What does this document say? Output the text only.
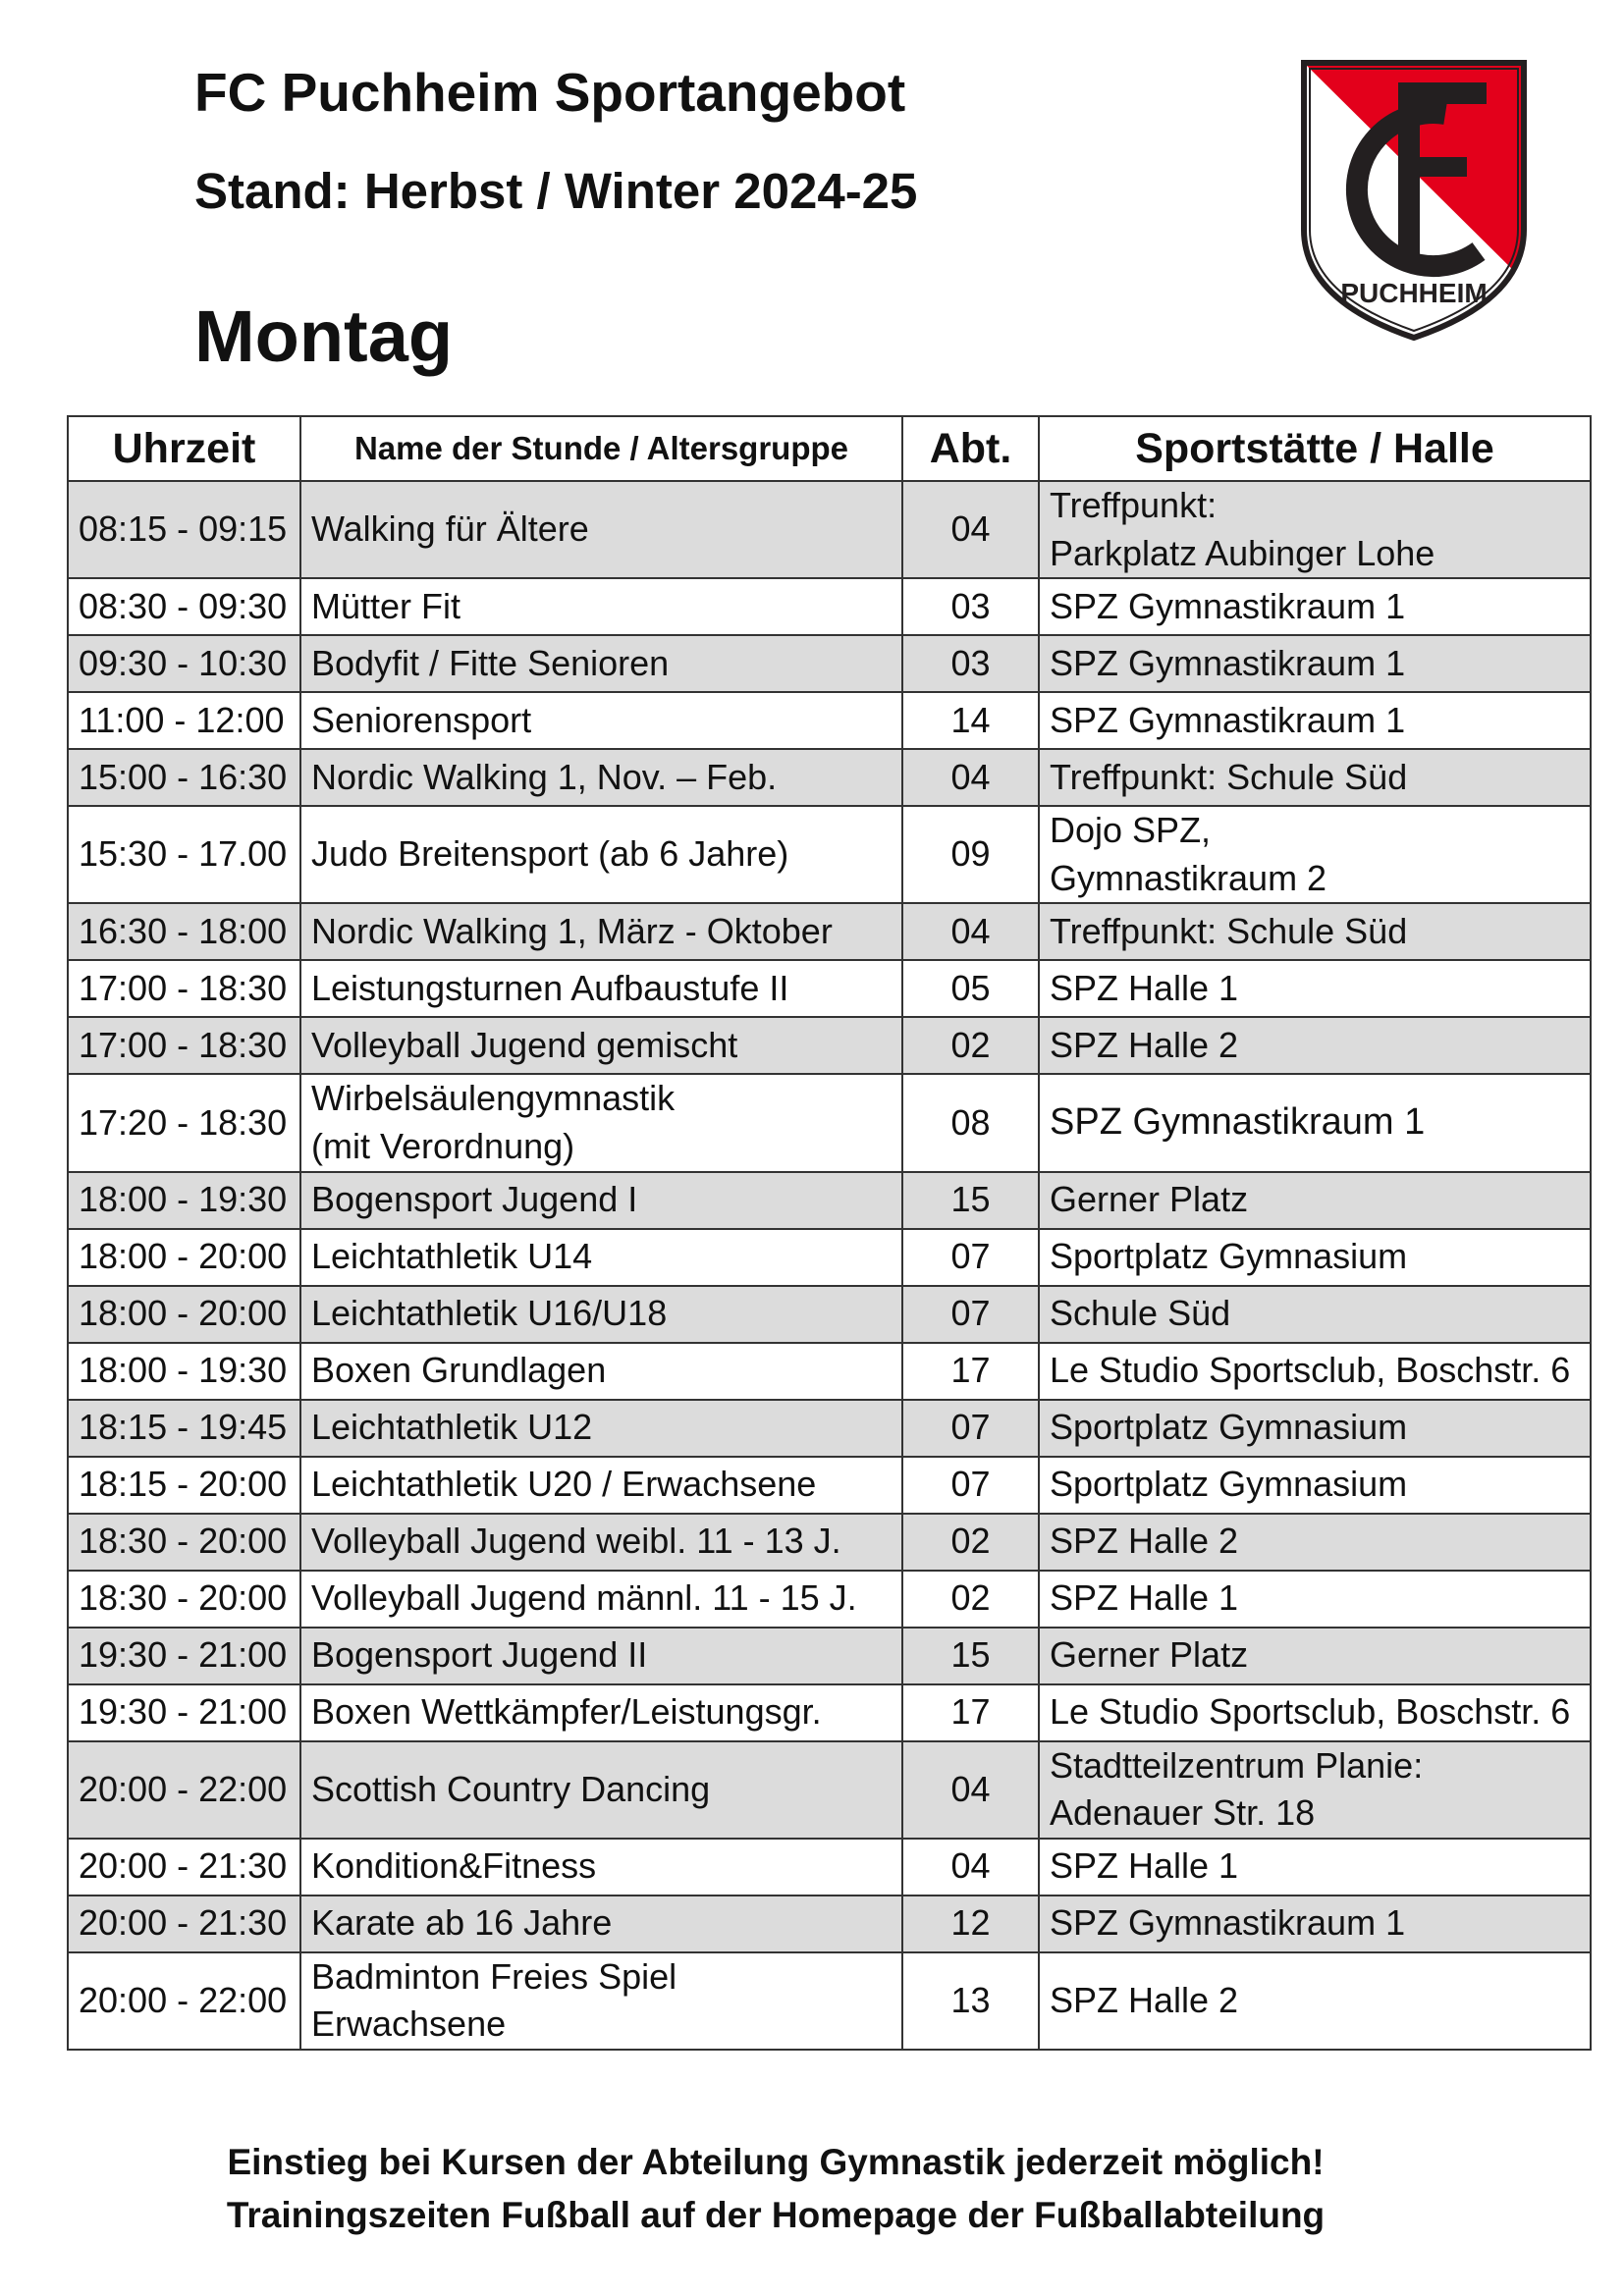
FC Puchheim Sportangebot
Stand: Herbst / Winter 2024-25
Montag
PUCHHEIM
Uhrzeit	Name der Stunde / Altersgruppe	Abt.	Sportstätte / Halle
08:15 - 09:15	Walking für Ältere	04	Treffpunkt:
Parkplatz Aubinger Lohe

08:30 - 09:30	Mütter Fit	03	SPZ Gymnastikraum 1

09:30 - 10:30	Bodyfit / Fitte Senioren	03	SPZ Gymnastikraum 1

11:00 - 12:00	Seniorensport	14	SPZ Gymnastikraum 1

15:00 - 16:30	Nordic Walking 1, Nov. – Feb.	04	Treffpunkt: Schule Süd

15:30 - 17.00	Judo Breitensport (ab 6 Jahre)	09	Dojo SPZ,
Gymnastikraum 2

16:30 - 18:00	Nordic Walking 1, März - Oktober	04	Treffpunkt: Schule Süd

17:00 - 18:30	Leistungsturnen Aufbaustufe II	05	SPZ Halle 1

17:00 - 18:30	Volleyball Jugend gemischt	02	SPZ Halle 2

17:20 - 18:30	Wirbelsäulengymnastik
(mit Verordnung)	08	SPZ Gymnastikraum 1

18:00 - 19:30	Bogensport Jugend I	15	Gerner Platz

18:00 - 20:00	Leichtathletik U14	07	Sportplatz Gymnasium

18:00 - 20:00	Leichtathletik U16/U18	07	Schule Süd

18:00 - 19:30	Boxen Grundlagen	17	Le Studio Sportsclub, Boschstr. 6

18:15 - 19:45	Leichtathletik U12	07	Sportplatz Gymnasium

18:15 - 20:00	Leichtathletik U20 / Erwachsene	07	Sportplatz Gymnasium

18:30 - 20:00	Volleyball Jugend weibl. 11 - 13 J.	02	SPZ Halle 2

18:30 - 20:00	Volleyball Jugend männl. 11 - 15 J.	02	SPZ Halle 1

19:30 - 21:00	Bogensport Jugend II	15	Gerner Platz

19:30 - 21:00	Boxen Wettkämpfer/Leistungsgr.	17	Le Studio Sportsclub, Boschstr. 6

20:00 - 22:00	Scottish Country Dancing	04	Stadtteilzentrum Planie:
Adenauer Str. 18

20:00 - 21:30	Kondition&Fitness	04	SPZ Halle 1

20:00 - 21:30	Karate ab 16 Jahre	12	SPZ Gymnastikraum 1

20:00 - 22:00	Badminton Freies Spiel
Erwachsene	13	SPZ Halle 2

Einstieg bei Kursen der Abteilung Gymnastik jederzeit möglich!

Trainingszeiten Fußball auf der Homepage der Fußballabteilung
